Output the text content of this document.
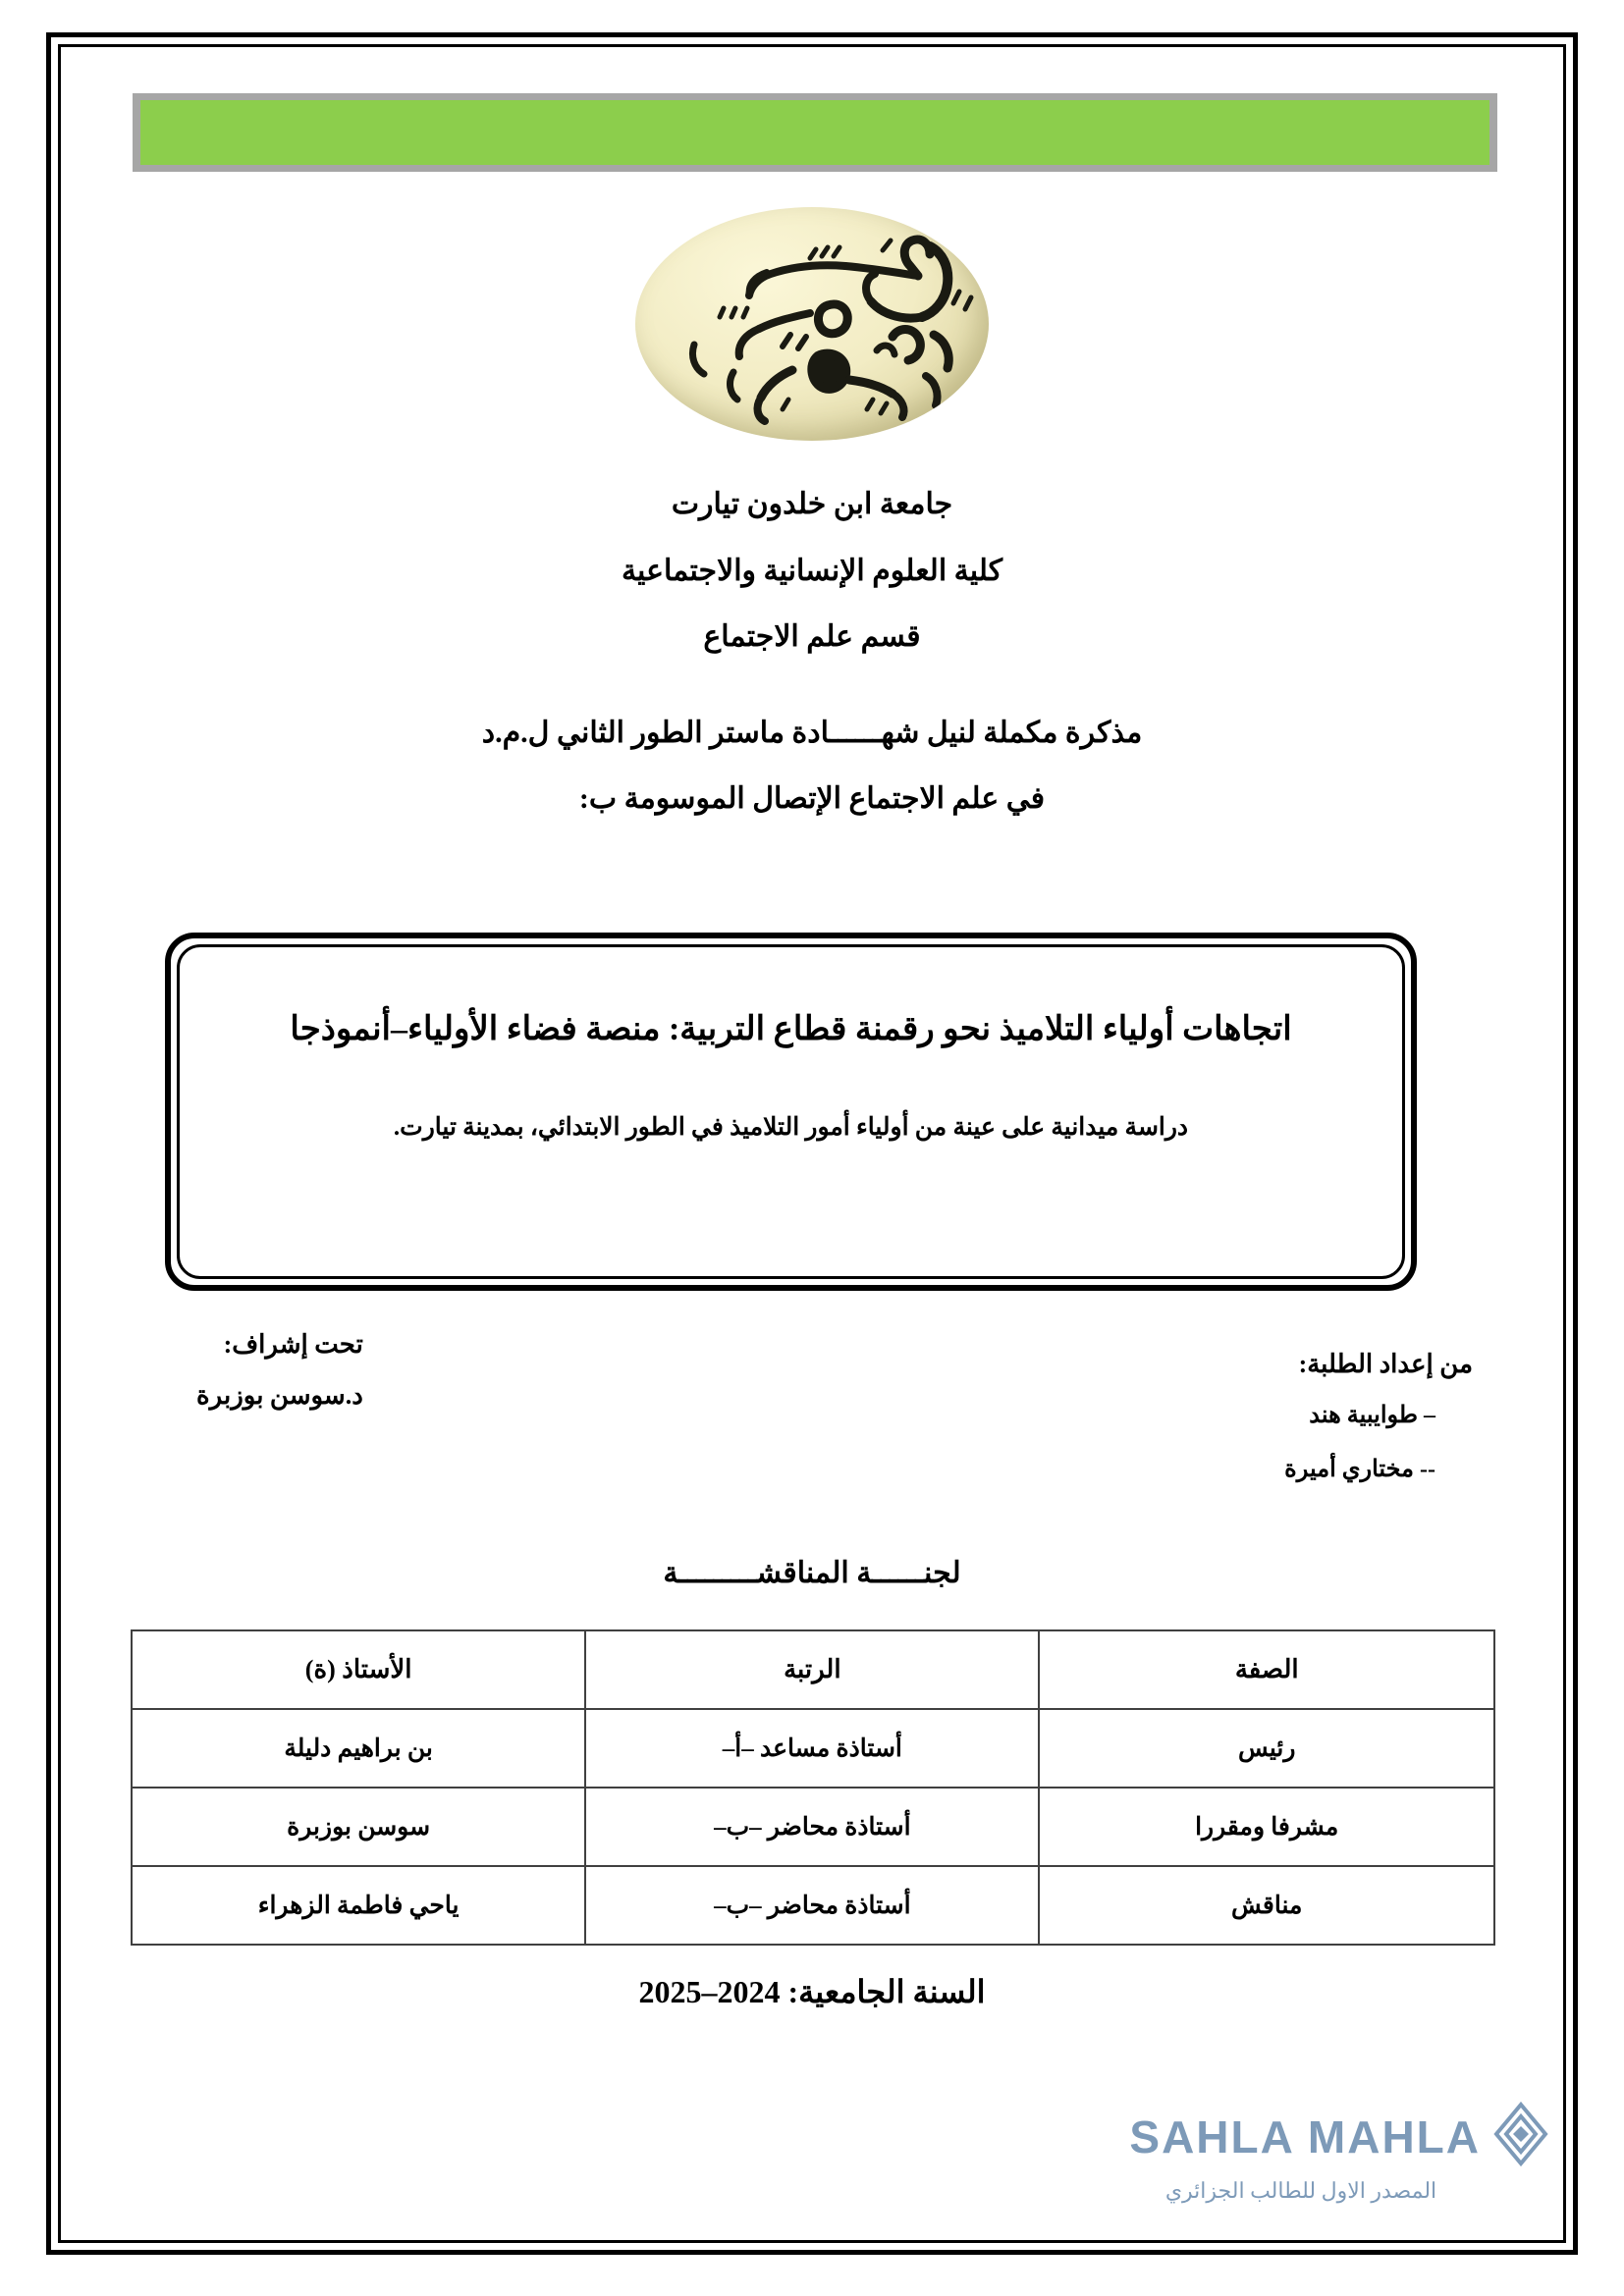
جامعة ابن خلدون تيارت

كلية العلوم الإنسانية والاجتماعية

قسم علم الاجتماع

مذكرة مكملة لنيل شهــــــادة ماستر الطور الثاني ل.م.د

في علم الاجتماع الإتصال الموسومة ب:

اتجاهات أولياء التلاميذ نحو رقمنة قطاع التربية: منصة فضاء الأولياء–أنموذجا

دراسة ميدانية على عينة من أولياء أمور التلاميذ في الطور الابتدائي، بمدينة تيارت.

من إعداد الطلبة:

– طوايبية هند

-- مختاري أميرة

تحت إشراف:

د.سوسن بوزبرة

لجنــــــة المناقشـــــــــة
الصفة	الرتبة	الأستاذ (ة)
رئيس	أستاذة مساعد –أ–	بن براهيم دليلة
مشرفا ومقررا	أستاذة محاضر –ب–	سوسن بوزبرة
مناقش	أستاذة محاضر –ب–	ياحي فاطمة الزهراء
السنة الجامعية: 2024–2025
SAHLA MAHLA
المصدر الاول للطالب الجزائري
